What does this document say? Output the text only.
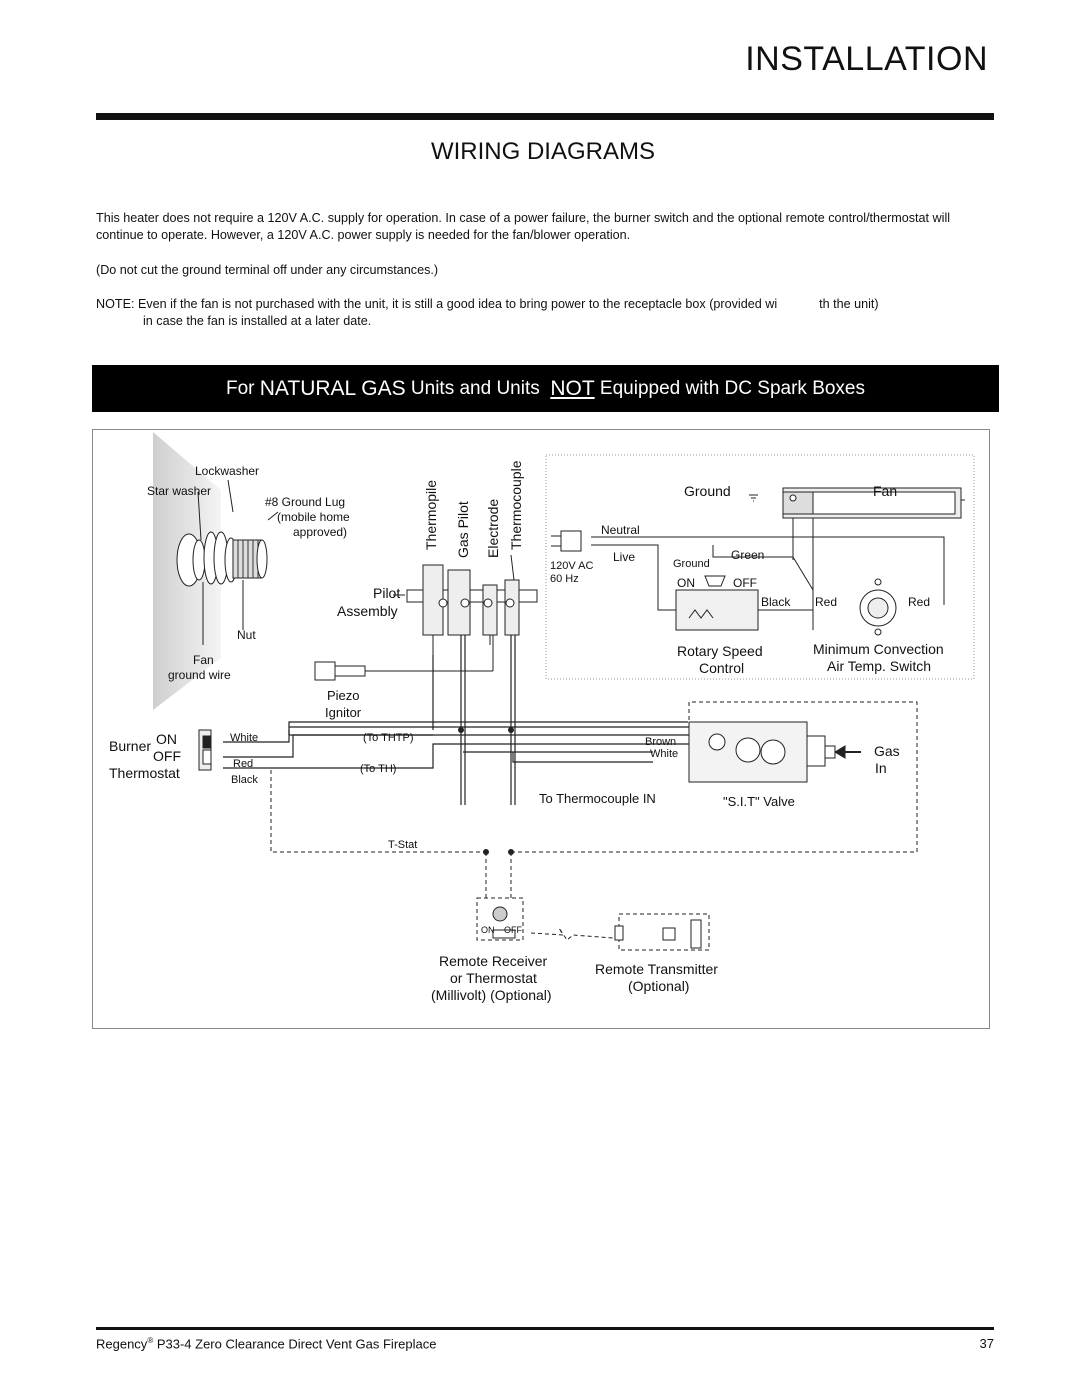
INSTALLATION
WIRING DIAGRAMS
This heater does not require a 120V A.C. supply for operation. In case of a power failure, the burner switch and the optional remote control/thermostat will continue to operate. However, a 120V A.C. power supply is needed for the fan/blower operation.
(Do not cut the ground terminal off under any circumstances.)
NOTE: Even if the fan is not purchased with the unit, it is still a good idea to bring power to the receptacle box (provided wi            th the unit)
in case the fan is installed at a later date.
For NATURAL GAS Units and Units NOT Equipped with DC Spark Boxes
Lockwasher
Star washer
#8 Ground Lug
(mobile home
approved)
Nut
Fan
ground wire
Thermopile Gas Pilot Electrode Thermocouple
Pilot
Assembly
Piezo
Ignitor
Burner ON
OFF
Thermostat
White
Red
Black
(To THTP)
(To TH)
Brown
White
To Thermocouple IN	"S.I.T" Valve
Gas
In
Ground	Fan
Neutral
Live
120V AC
60 Hz
Ground
Green
ON	OFF
Black Red	Red
Rotary Speed
Control
Minimum Convection
Air Temp. Switch
T-Stat
ON OFF
Remote Receiver
or Thermostat
(Millivolt) (Optional)
Remote Transmitter
(Optional)
Regency® P33-4 Zero Clearance Direct Vent Gas Fireplace	37
